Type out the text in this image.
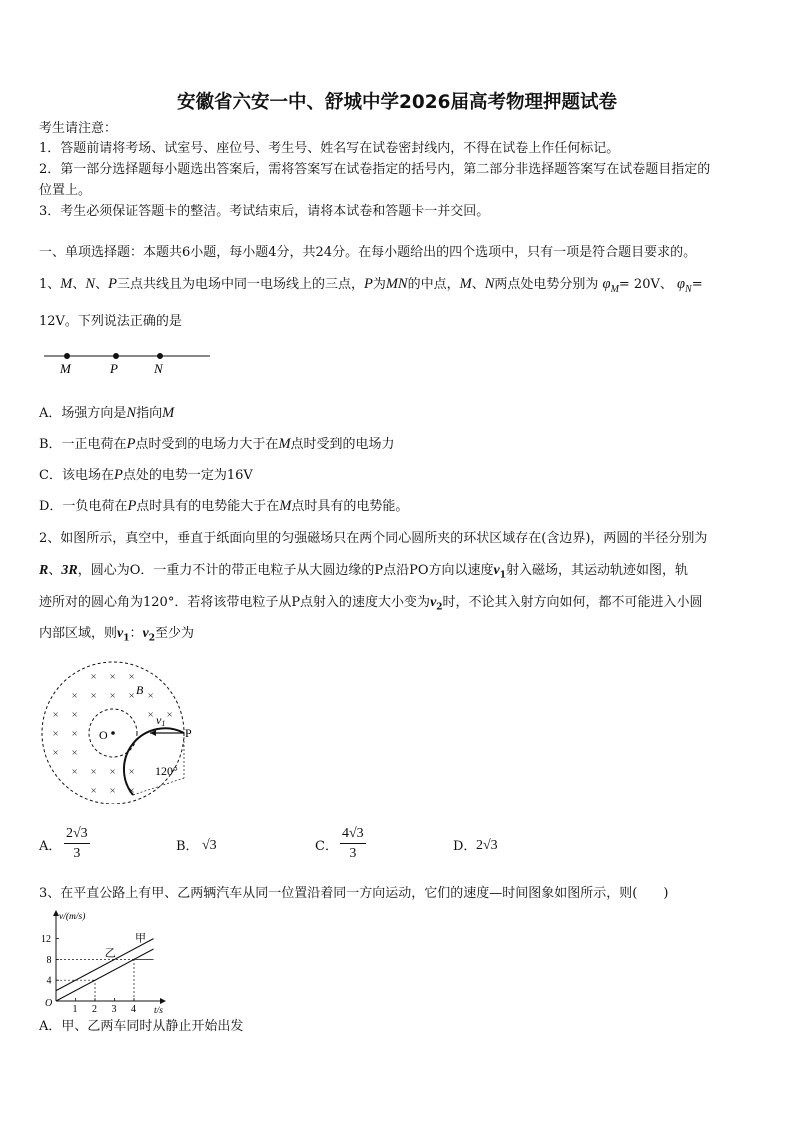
安徽省六安一中、舒城中学2026届高考物理押题试卷
考生请注意：
1．答题前请将考场、试室号、座位号、考生号、姓名写在试卷密封线内，不得在试卷上作任何标记。
2．第一部分选择题每小题选出答案后，需将答案写在试卷指定的括号内，第二部分非选择题答案写在试卷题目指定的
位置上。
3．考生必须保证答题卡的整洁。考试结束后，请将本试卷和答题卡一并交回。
一、单项选择题：本题共6小题，每小题4分，共24分。在每小题给出的四个选项中，只有一项是符合题目要求的。
1、M、N、P三点共线且为电场中同一电场线上的三点，P为MN的中点，M、N两点处电势分别为 $\varphi_M= 20V$、 $\varphi_N=$
12V。下列说法正确的是
M	P	N
A．场强方向是N指向M
B．一正电荷在P点时受到的电场力大于在M点时受到的电场力
C．该电场在P点处的电势一定为16V
D．一负电荷在P点时具有的电势能大于在M点时具有的电势能。
2、如图所示，真空中，垂直于纸面向里的匀强磁场只在两个同心圆所夹的环状区域存在(含边界)，两圆的半径分别为
R、3R，圆心为O．一重力不计的带正电粒子从大圆边缘的P点沿PO方向以速度$v_1$射入磁场，其运动轨迹如图，轨
迹所对的圆心角为120°．若将该带电粒子从P点射入的速度大小变为$v_2$时，不论其入射方向如何，都不可能进入小圆
内部区域，则$v_1$：$v_2$至少为
× × ×
× × × × ×
× ×	× ×
× ×
× ×
× × × ×
× × ×
O
B
v1
P
120°
A． $\frac{2√3}{3}$	B． √3	C． $\frac{4√3}{3}$	D． 2√3
3、在平直公路上有甲、乙两辆汽车从同一位置沿着同一方向运动，它们的速度—时间图象如图所示，则(　　)
v/(m/s)
t/s
O
1 2 3 4
4
8
12	甲
乙
A．甲、乙两车同时从静止开始出发
